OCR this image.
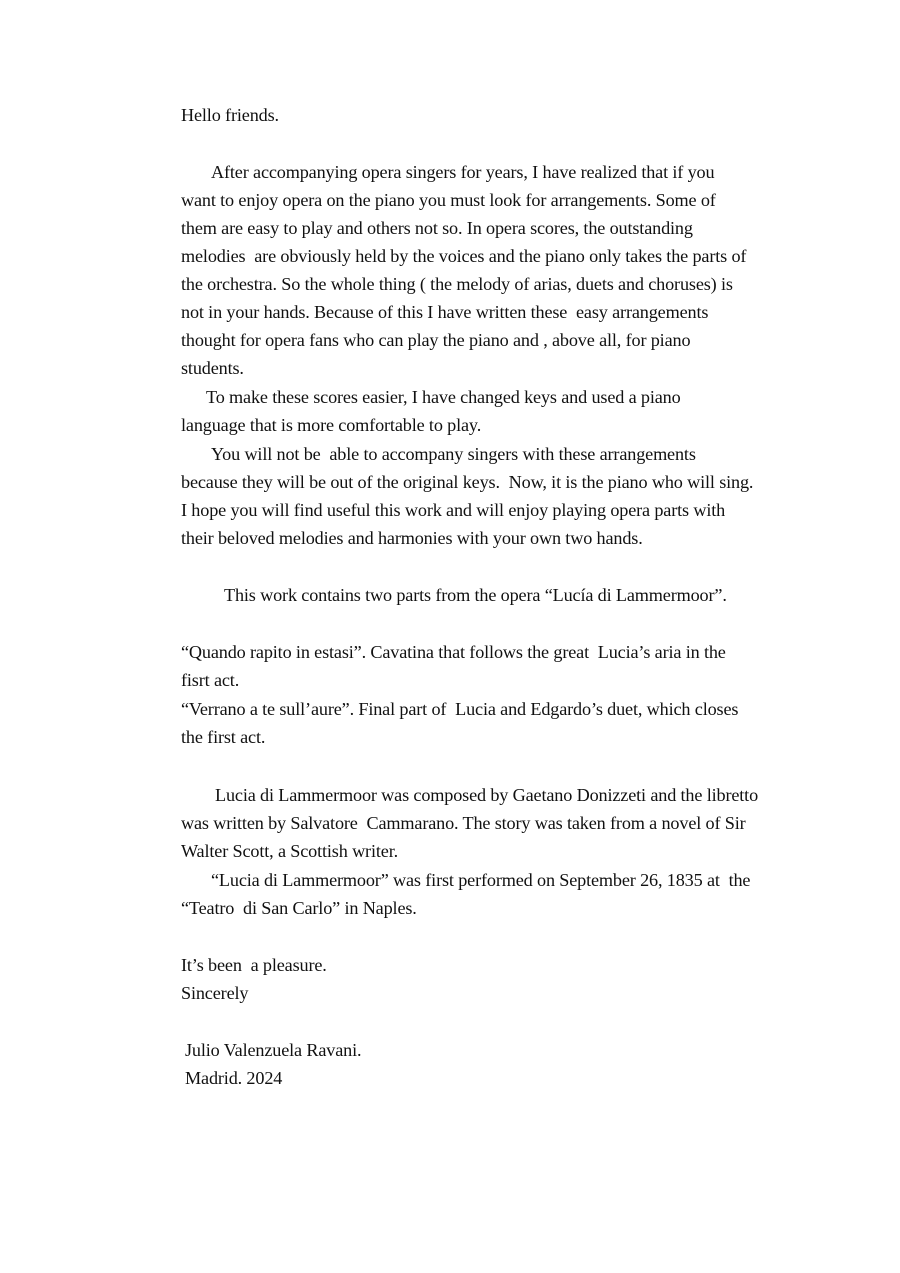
Hello friends.

After accompanying opera singers for years, I have realized that if you

want to enjoy opera on the piano you must look for arrangements. Some of

them are easy to play and others not so. In opera scores, the outstanding

melodies  are obviously held by the voices and the piano only takes the parts of

the orchestra. So the whole thing ( the melody of arias, duets and choruses) is

not in your hands. Because of this I have written these  easy arrangements

thought for opera fans who can play the piano and , above all, for piano

students.

To make these scores easier, I have changed keys and used a piano

language that is more comfortable to play.

You will not be  able to accompany singers with these arrangements

because they will be out of the original keys.  Now, it is the piano who will sing.

I hope you will find useful this work and will enjoy playing opera parts with

their beloved melodies and harmonies with your own two hands.

This work contains two parts from the opera “Lucía di Lammermoor”.

“Quando rapito in estasi”. Cavatina that follows the great  Lucia’s aria in the

fisrt act.

“Verrano a te sull’aure”. Final part of  Lucia and Edgardo’s duet, which closes

the first act.

Lucia di Lammermoor was composed by Gaetano Donizzeti and the libretto

was written by Salvatore  Cammarano. The story was taken from a novel of Sir

Walter Scott, a Scottish writer.

“Lucia di Lammermoor” was first performed on September 26, 1835 at  the

“Teatro  di San Carlo” in Naples.

It’s been  a pleasure.

Sincerely

Julio Valenzuela Ravani.

Madrid. 2024
